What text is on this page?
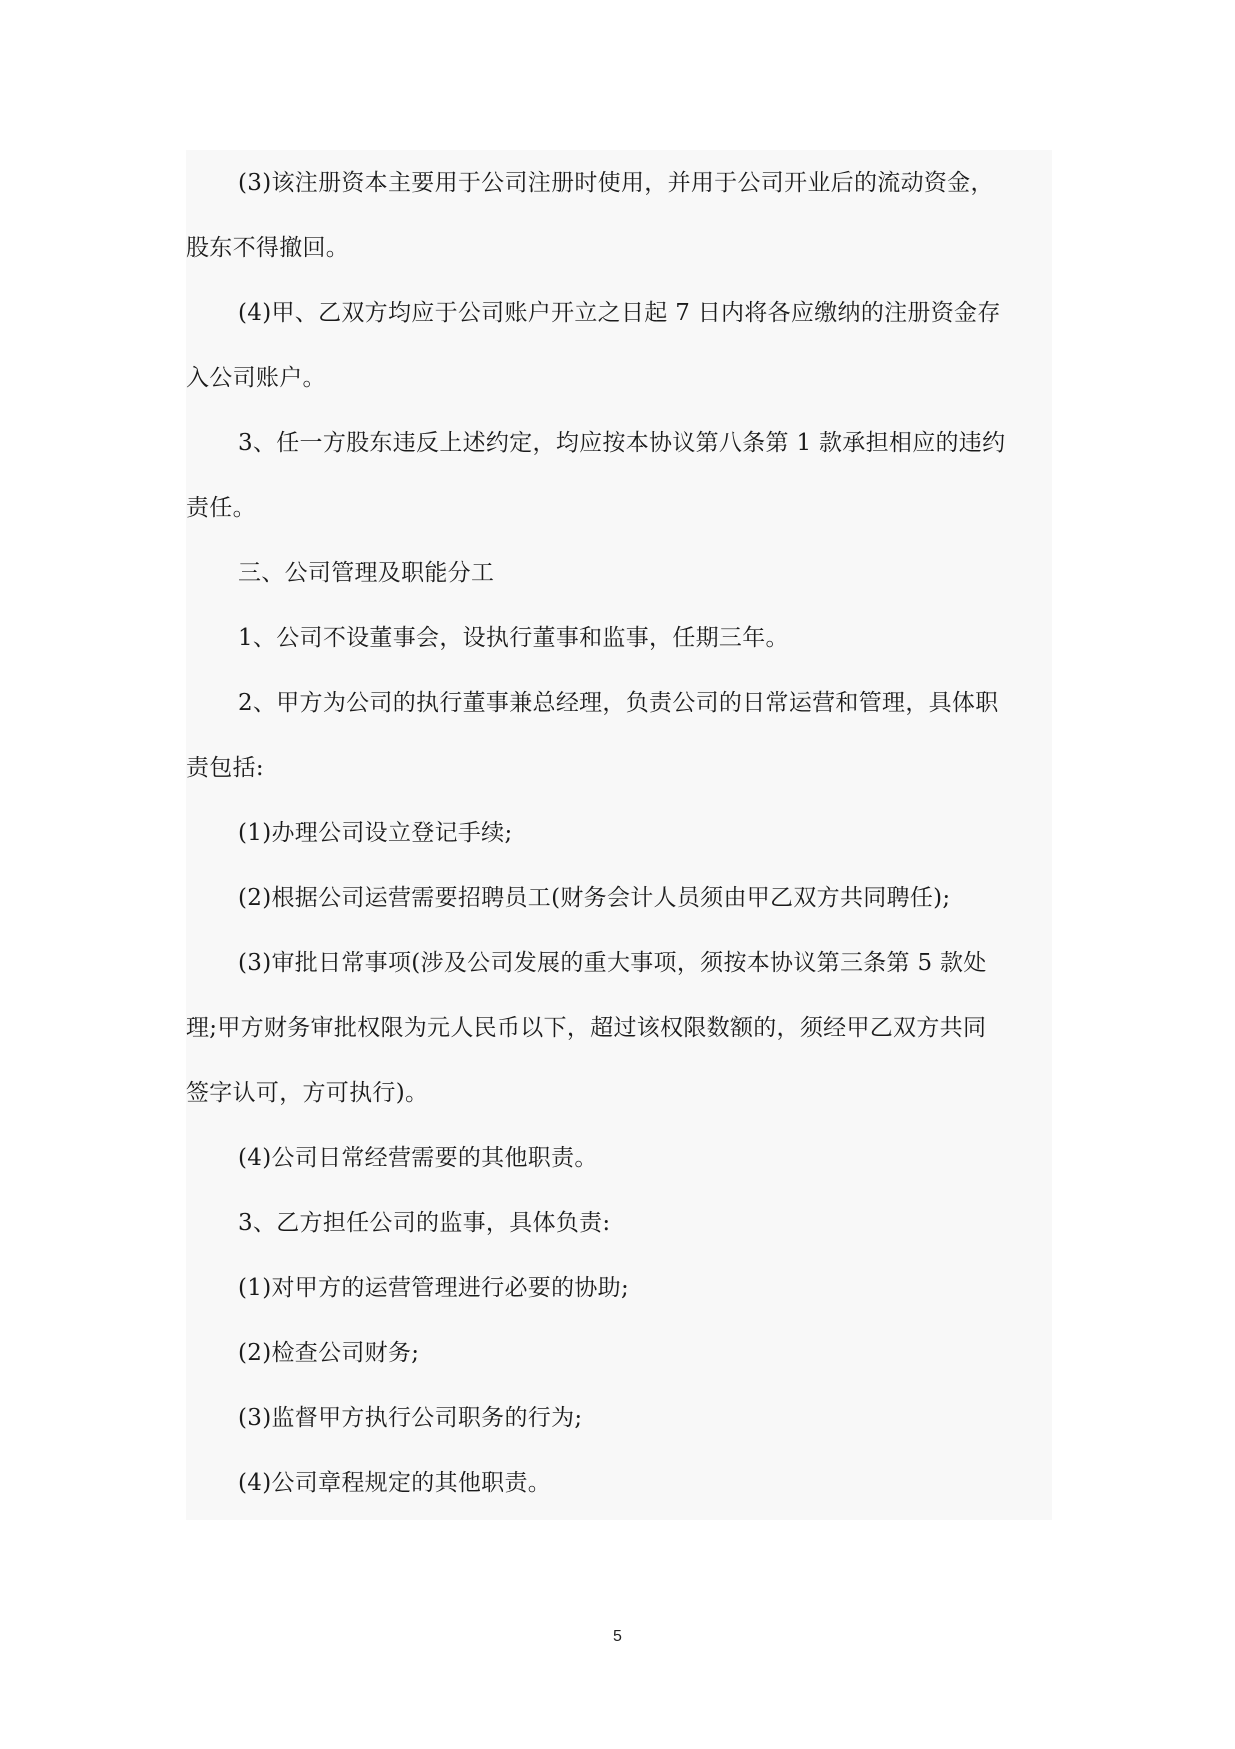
(3)该注册资本主要用于公司注册时使用，并用于公司开业后的流动资金，
股东不得撤回。
(4)甲、乙双方均应于公司账户开立之日起 7 日内将各应缴纳的注册资金存
入公司账户。
3、任一方股东违反上述约定，均应按本协议第八条第 1 款承担相应的违约
责任。
三、公司管理及职能分工
1、公司不设董事会，设执行董事和监事，任期三年。
2、甲方为公司的执行董事兼总经理，负责公司的日常运营和管理，具体职
责包括:
(1)办理公司设立登记手续;
(2)根据公司运营需要招聘员工(财务会计人员须由甲乙双方共同聘任);
(3)审批日常事项(涉及公司发展的重大事项，须按本协议第三条第 5 款处
理;甲方财务审批权限为元人民币以下，超过该权限数额的，须经甲乙双方共同
签字认可，方可执行)。
(4)公司日常经营需要的其他职责。
3、乙方担任公司的监事，具体负责:
(1)对甲方的运营管理进行必要的协助;
(2)检查公司财务;
(3)监督甲方执行公司职务的行为;
(4)公司章程规定的其他职责。
5
